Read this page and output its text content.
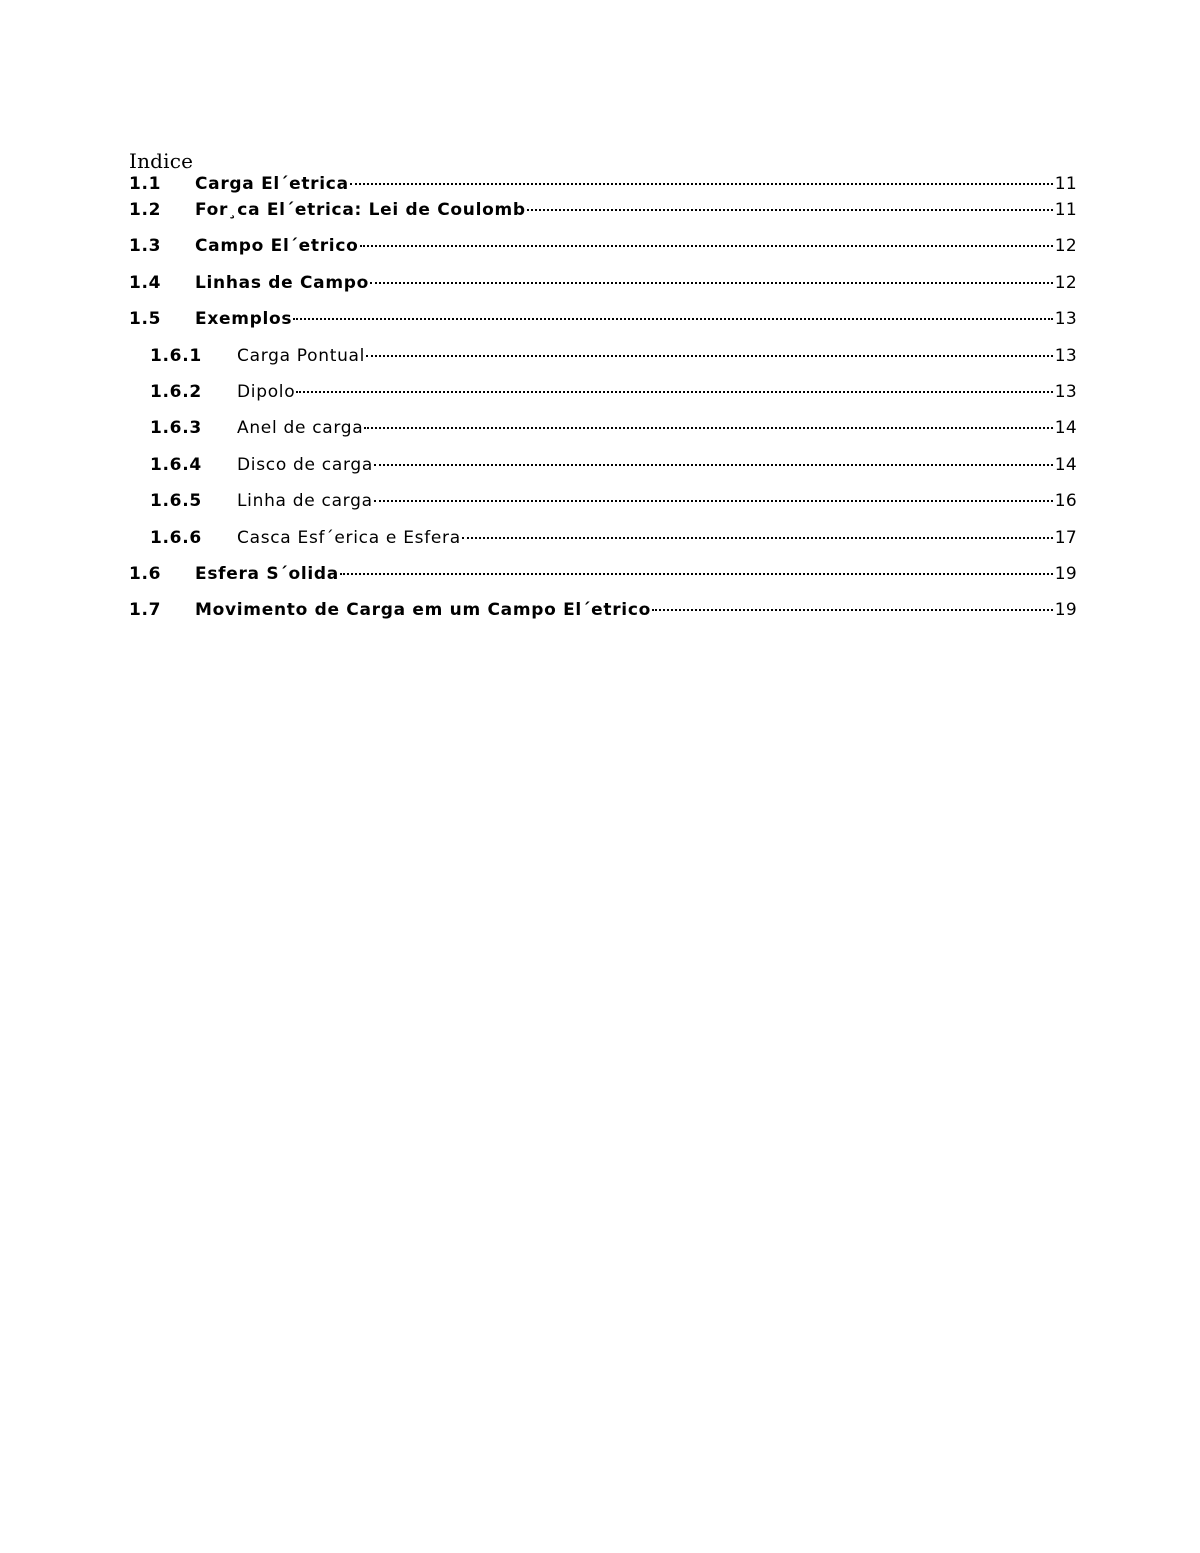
Indice
1.1	Carga El´etrica	11
1.2	For¸ca El´etrica: Lei de Coulomb	11
1.3	Campo El´etrico	12
1.4	Linhas de Campo	12
1.5	Exemplos	13
1.6.1	Carga Pontual	13
1.6.2	Dipolo	13
1.6.3	Anel de carga	14
1.6.4	Disco de carga	14
1.6.5	Linha de carga	16
1.6.6	Casca Esf´erica e Esfera	17
1.6	Esfera S´olida	19
1.7	Movimento de Carga em um Campo El´etrico	19
